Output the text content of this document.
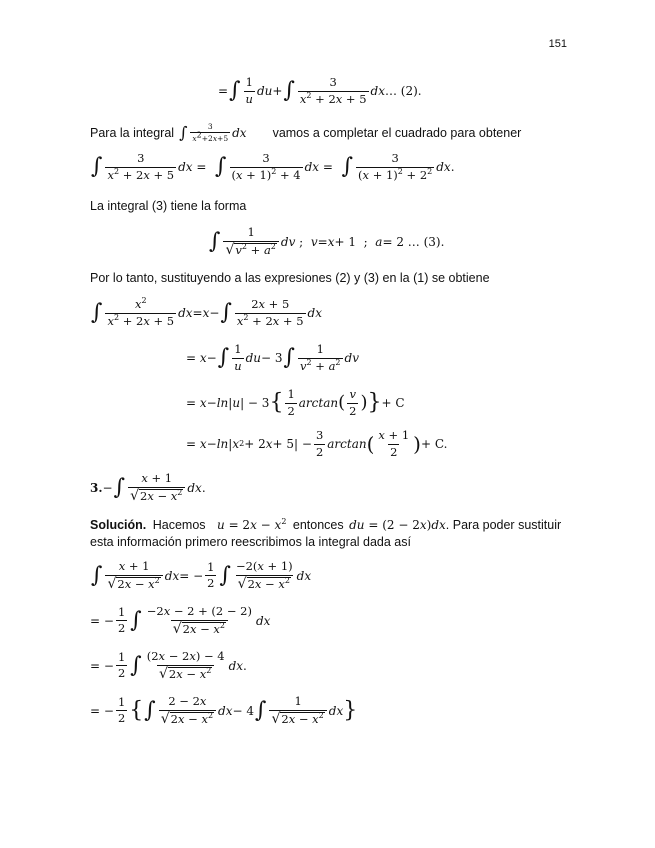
151
= ∫ $\frac{1}{u}$ du + ∫ $\frac{3}{x^2 + 2x + 5}$ dx … (2).
Para la integral ∫ $\frac{3}{x^2+2x+5}$ dx vamos a completar el cuadrado para obtener
∫ $\frac{3}{x^2 + 2x + 5}$ dx = ∫ $\frac{3}{(x + 1)^2 + 4}$ dx = ∫ $\frac{3}{(x + 1)^2 + 2^2}$ dx .
La integral (3) tiene la forma
∫ $\frac{1}{√ v^2 + a^2}$ dv ; v = x + 1  ; a = 2 … (3).
Por lo tanto, sustituyendo a las expresiones (2) y (3) en la (1) se obtiene
∫ $\frac{x^2}{x^2 + 2x + 5}$ dx = x − ∫ $\frac{2x + 5}{x^2 + 2x + 5}$ dx
= x − ∫ $\frac{1}{u}$ du − 3 ∫ $\frac{1}{v^2 + a^2}$ dv
= x − ln | u | − 3 { $\frac{1}{2}$ arctan ( $\frac{v}{2}$ ) } + C
= x − ln | x 2 + 2 $x + 5| - \frac{3}{2}$ arctan ( $\frac{x + 1}{2}$ ) + C.
3. − ∫ $\frac{x + 1}{√ 2x - x^2}$ dx .
Solución. Hacemos $u = 2x - x^2$ entonces du = (2 − 2x)dx. Para poder sustituir
esta información primero reescribimos la integral dada así
∫ $\frac{x + 1}{√ 2x - x^2}$ dx = − $\frac{1}{2}$ ∫ $\frac{-2(x + 1)}{√ 2x - x^2}$ dx
= − $\frac{1}{2}$ ∫ $\frac{-2x - 2 + (2 - 2)}{√ 2x - x^2}$ dx
= − $\frac{1}{2}$ ∫ $\frac{(2x - 2x) - 4}{√ 2x - x^2}$ dx .
= − $\frac{1}{2}$ { ∫ $\frac{2 - 2x}{√ 2x - x^2}$ dx − 4 ∫ $\frac{1}{√ 2x - x^2}$ dx }
